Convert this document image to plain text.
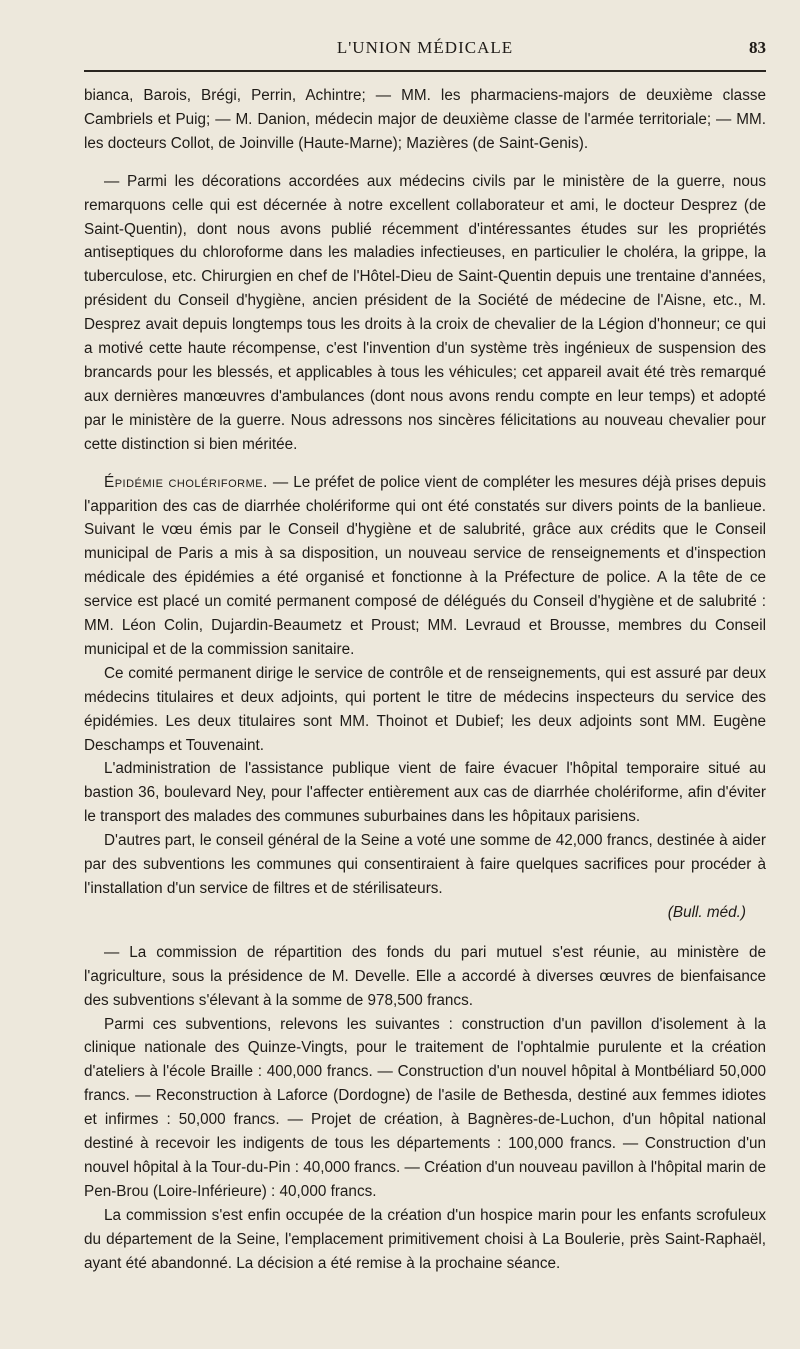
L'UNION MÉDICALE	83

bianca, Barois, Brégi, Perrin, Achintre; — MM. les pharmaciens-majors de deuxième classe Cambriels et Puig; — M. Danion, médecin major de deuxième classe de l'armée territoriale; — MM. les docteurs Collot, de Joinville (Haute-Marne); Mazières (de Saint-Genis).

— Parmi les décorations accordées aux médecins civils par le ministère de la guerre, nous remarquons celle qui est décernée à notre excellent collaborateur et ami, le docteur Desprez (de Saint-Quentin), dont nous avons publié récemment d'intéressantes études sur les propriétés antiseptiques du chloroforme dans les maladies infectieuses, en particulier le choléra, la grippe, la tuberculose, etc. Chirurgien en chef de l'Hôtel-Dieu de Saint-Quentin depuis une trentaine d'années, président du Conseil d'hygiène, ancien président de la Société de médecine de l'Aisne, etc., M. Desprez avait depuis longtemps tous les droits à la croix de chevalier de la Légion d'honneur; ce qui a motivé cette haute récompense, c'est l'invention d'un système très ingénieux de suspension des brancards pour les blessés, et applicables à tous les véhicules; cet appareil avait été très remarqué aux dernières manœuvres d'ambulances (dont nous avons rendu compte en leur temps) et adopté par le ministère de la guerre. Nous adressons nos sincères félicitations au nouveau chevalier pour cette distinction si bien méritée.

Épidémie cholériforme. — Le préfet de police vient de compléter les mesures déjà prises depuis l'apparition des cas de diarrhée cholériforme qui ont été constatés sur divers points de la banlieue. Suivant le vœu émis par le Conseil d'hygiène et de salubrité, grâce aux crédits que le Conseil municipal de Paris a mis à sa disposition, un nouveau service de renseignements et d'inspection médicale des épidémies a été organisé et fonctionne à la Préfecture de police. A la tête de ce service est placé un comité permanent composé de délégués du Conseil d'hygiène et de salubrité : MM. Léon Colin, Dujardin-Beaumetz et Proust; MM. Levraud et Brousse, membres du Conseil municipal et de la commission sanitaire.

Ce comité permanent dirige le service de contrôle et de renseignements, qui est assuré par deux médecins titulaires et deux adjoints, qui portent le titre de médecins inspecteurs du service des épidémies. Les deux titulaires sont MM. Thoinot et Dubief; les deux adjoints sont MM. Eugène Deschamps et Touvenaint.

L'administration de l'assistance publique vient de faire évacuer l'hôpital temporaire situé au bastion 36, boulevard Ney, pour l'affecter entièrement aux cas de diarrhée cholériforme, afin d'éviter le transport des malades des communes suburbaines dans les hôpitaux parisiens.

D'autres part, le conseil général de la Seine a voté une somme de 42,000 francs, destinée à aider par des subventions les communes qui consentiraient à faire quelques sacrifices pour procéder à l'installation d'un service de filtres et de stérilisateurs.

(Bull. méd.)

— La commission de répartition des fonds du pari mutuel s'est réunie, au ministère de l'agriculture, sous la présidence de M. Develle. Elle a accordé à diverses œuvres de bienfaisance des subventions s'élevant à la somme de 978,500 francs.

Parmi ces subventions, relevons les suivantes : construction d'un pavillon d'isolement à la clinique nationale des Quinze-Vingts, pour le traitement de l'ophtalmie purulente et la création d'ateliers à l'école Braille : 400,000 francs. — Construction d'un nouvel hôpital à Montbéliard 50,000 francs. — Reconstruction à Laforce (Dordogne) de l'asile de Bethesda, destiné aux femmes idiotes et infirmes : 50,000 francs. — Projet de création, à Bagnères-de-Luchon, d'un hôpital national destiné à recevoir les indigents de tous les départements : 100,000 francs. — Construction d'un nouvel hôpital à la Tour-du-Pin : 40,000 francs. — Création d'un nouveau pavillon à l'hôpital marin de Pen-Brou (Loire-Inférieure) : 40,000 francs.

La commission s'est enfin occupée de la création d'un hospice marin pour les enfants scrofuleux du département de la Seine, l'emplacement primitivement choisi à La Boulerie, près Saint-Raphaël, ayant été abandonné. La décision a été remise à la prochaine séance.
